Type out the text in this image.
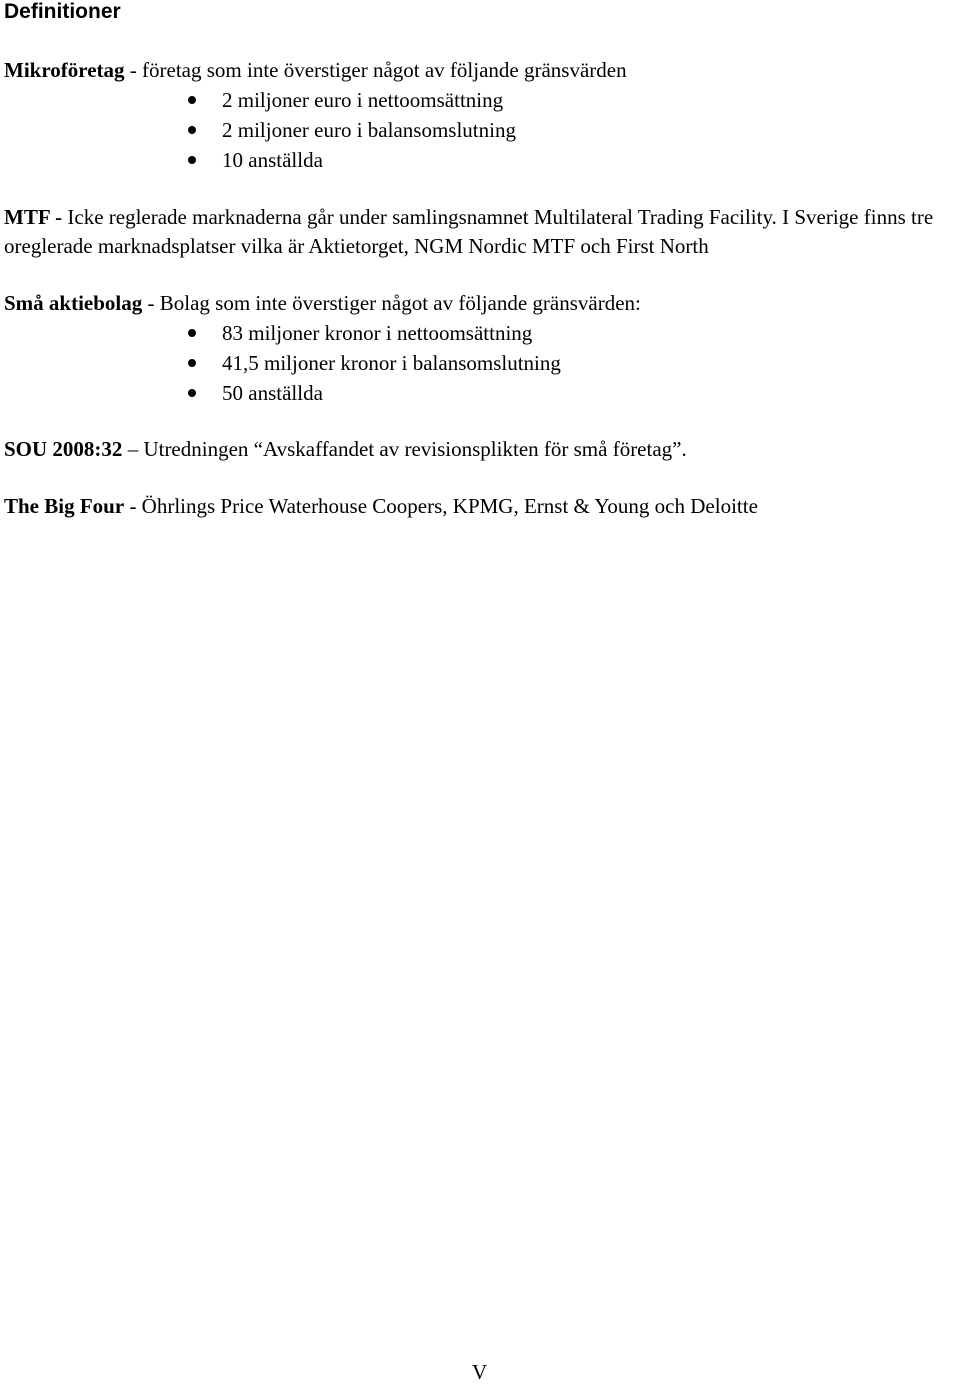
Definitioner

Mikroföretag - företag som inte överstiger något av följande gränsvärden

2 miljoner euro i nettoomsättning
2 miljoner euro i balansomslutning
10 anställda

MTF - Icke reglerade marknaderna går under samlingsnamnet Multilateral Trading Facility. I Sverige finns tre oreglerade marknadsplatser vilka är Aktietorget, NGM Nordic MTF och First North

Små aktiebolag - Bolag som inte överstiger något av följande gränsvärden:

83 miljoner kronor i nettoomsättning
41,5 miljoner kronor i balansomslutning
50 anställda

SOU 2008:32 – Utredningen “Avskaffandet av revisionsplikten för små företag”.

The Big Four - Öhrlings Price Waterhouse Coopers, KPMG, Ernst & Young och Deloitte

V
